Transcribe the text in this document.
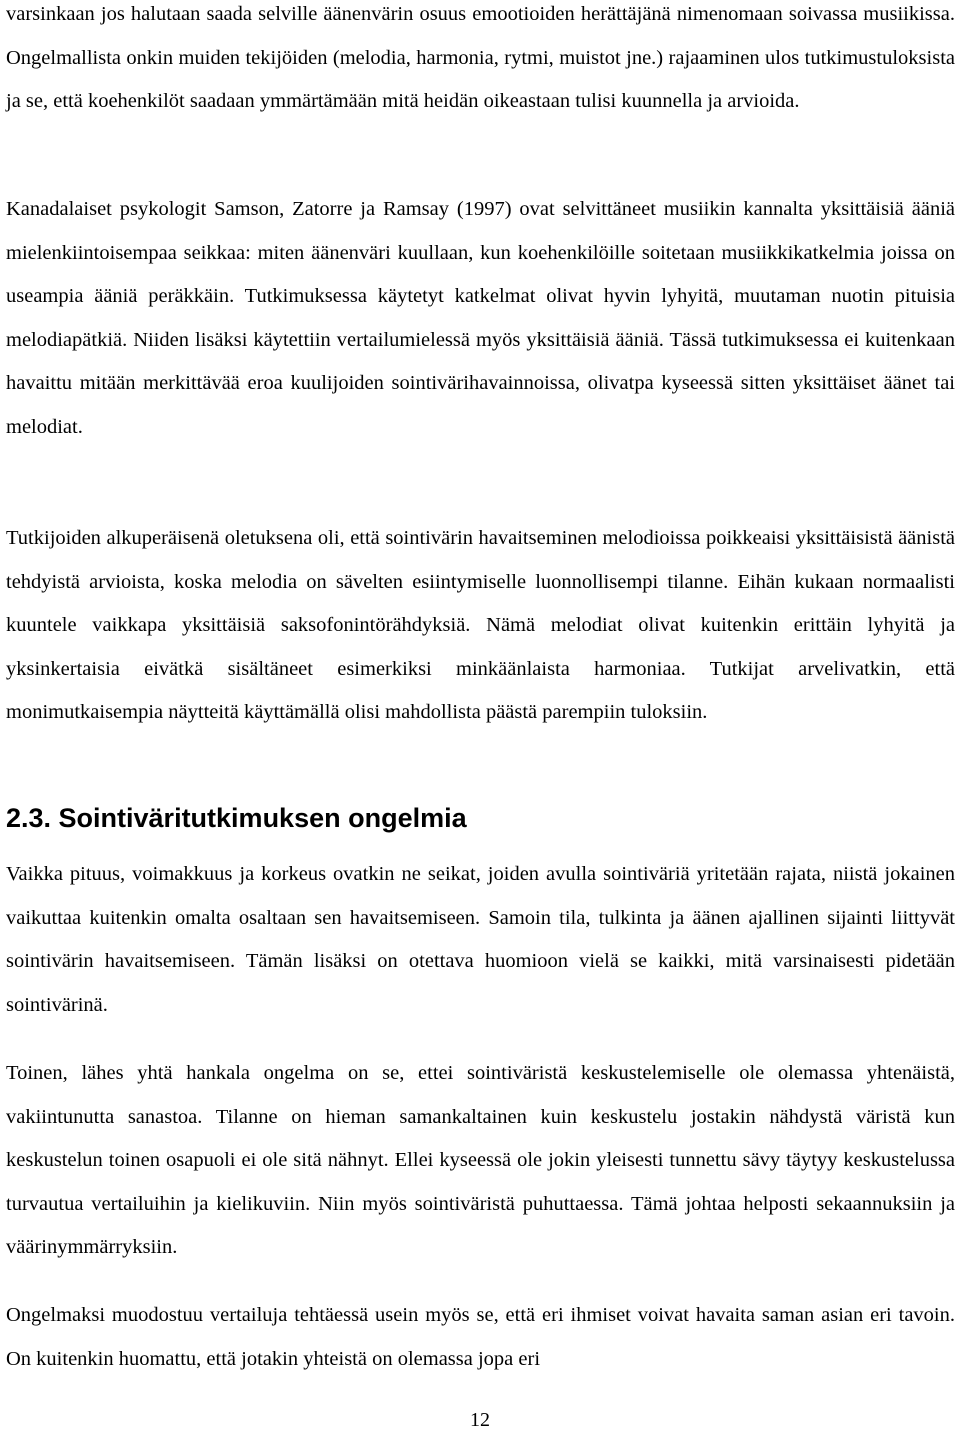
varsinkaan jos halutaan saada selville äänenvärin osuus emootioiden herättäjänä nimenomaan soivassa musiikissa. Ongelmallista onkin muiden tekijöiden (melodia, harmonia, rytmi, muistot jne.) rajaaminen ulos tutkimustuloksista ja se, että koehenkilöt saadaan ymmärtämään mitä heidän oikeastaan tulisi kuunnella ja arvioida.

Kanadalaiset psykologit Samson, Zatorre ja Ramsay (1997) ovat selvittäneet musiikin kannalta yksittäisiä ääniä mielenkiintoisempaa seikkaa: miten äänenväri kuullaan, kun koehenkilöille soitetaan musiikkikatkelmia joissa on useampia ääniä peräkkäin. Tutkimuksessa käytetyt katkelmat olivat hyvin lyhyitä, muutaman nuotin pituisia melodiapätkiä. Niiden lisäksi käytettiin vertailumielessä myös yksittäisiä ääniä. Tässä tutkimuksessa ei kuitenkaan havaittu mitään merkittävää eroa kuulijoiden sointivärihavainnoissa, olivatpa kyseessä sitten yksittäiset äänet tai melodiat.

Tutkijoiden alkuperäisenä oletuksena oli, että sointivärin havaitseminen melodioissa poikkeaisi yksittäisistä äänistä tehdyistä arvioista, koska melodia on sävelten esiintymiselle luonnollisempi tilanne. Eihän kukaan normaalisti kuuntele vaikkapa yksittäisiä saksofonintörähdyksiä. Nämä melodiat olivat kuitenkin erittäin lyhyitä ja yksinkertaisia eivätkä sisältäneet esimerkiksi minkäänlaista harmoniaa. Tutkijat arvelivatkin, että monimutkaisempia näytteitä käyttämällä olisi mahdollista päästä parempiin tuloksiin.

2.3. Sointiväritutkimuksen ongelmia

Vaikka pituus, voimakkuus ja korkeus ovatkin ne seikat, joiden avulla sointiväriä yritetään rajata, niistä jokainen vaikuttaa kuitenkin omalta osaltaan sen havaitsemiseen. Samoin tila, tulkinta ja äänen ajallinen sijainti liittyvät sointivärin havaitsemiseen. Tämän lisäksi on otettava huomioon vielä se kaikki, mitä varsinaisesti pidetään sointivärinä.

Toinen, lähes yhtä hankala ongelma on se, ettei sointiväristä keskustelemiselle ole olemassa yhtenäistä, vakiintunutta sanastoa. Tilanne on hieman samankaltainen kuin keskustelu jostakin nähdystä väristä kun keskustelun toinen osapuoli ei ole sitä nähnyt. Ellei kyseessä ole jokin yleisesti tunnettu sävy täytyy keskustelussa turvautua vertailuihin ja kielikuviin. Niin myös sointiväristä puhuttaessa. Tämä johtaa helposti sekaannuksiin ja väärinymmärryksiin.

Ongelmaksi muodostuu vertailuja tehtäessä usein myös se, että eri ihmiset voivat havaita saman asian eri tavoin. On kuitenkin huomattu, että jotakin yhteistä on olemassa jopa eri

12
